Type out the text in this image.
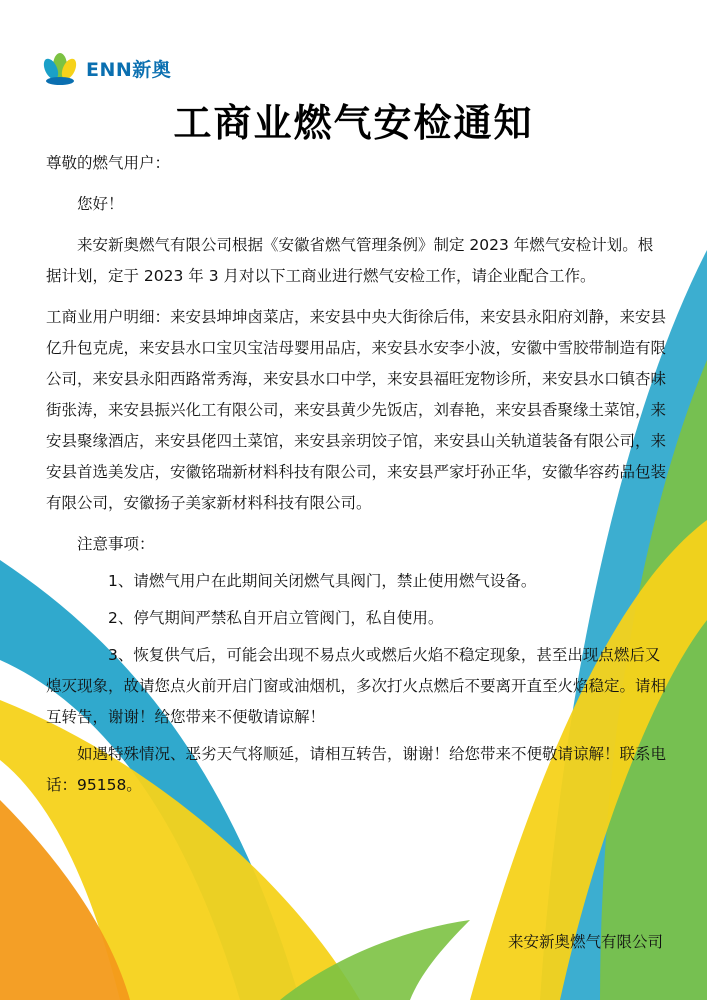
ENN新奥
工商业燃气安检通知

尊敬的燃气用户：

您好！

来安新奥燃气有限公司根据《安徽省燃气管理条例》制定 2023 年燃气安检计划。根据计划，定于 2023 年 3 月对以下工商业进行燃气安检工作，请企业配合工作。

工商业用户明细：来安县坤坤卤菜店，来安县中央大街徐后伟，来安县永阳府刘静，来安县亿升包克虎，来安县水口宝贝宝洁母婴用品店，来安县水安李小波，安徽中雪胶带制造有限公司，来安县永阳西路常秀海，来安县水口中学，来安县福旺宠物诊所，来安县水口镇杏味街张涛，来安县振兴化工有限公司，来安县黄少先饭店，刘春艳，来安县香聚缘土菜馆，来安县聚缘酒店，来安县佬四土菜馆，来安县亲玥饺子馆，来安县山关轨道装备有限公司，来安县首选美发店，安徽铭瑞新材料科技有限公司，来安县严家圩孙正华，安徽华容药品包装有限公司，安徽扬子美家新材料科技有限公司。

注意事项：

1、请燃气用户在此期间关闭燃气具阀门，禁止使用燃气设备。

2、停气期间严禁私自开启立管阀门，私自使用。

3、恢复供气后，可能会出现不易点火或燃后火焰不稳定现象，甚至出现点燃后又熄灭现象，故请您点火前开启门窗或油烟机，多次打火点燃后不要离开直至火焰稳定。请相互转告，谢谢！给您带来不便敬请谅解！

如遇特殊情况、恶劣天气将顺延，请相互转告，谢谢！给您带来不便敬请谅解！联系电话：95158。

来安新奥燃气有限公司
